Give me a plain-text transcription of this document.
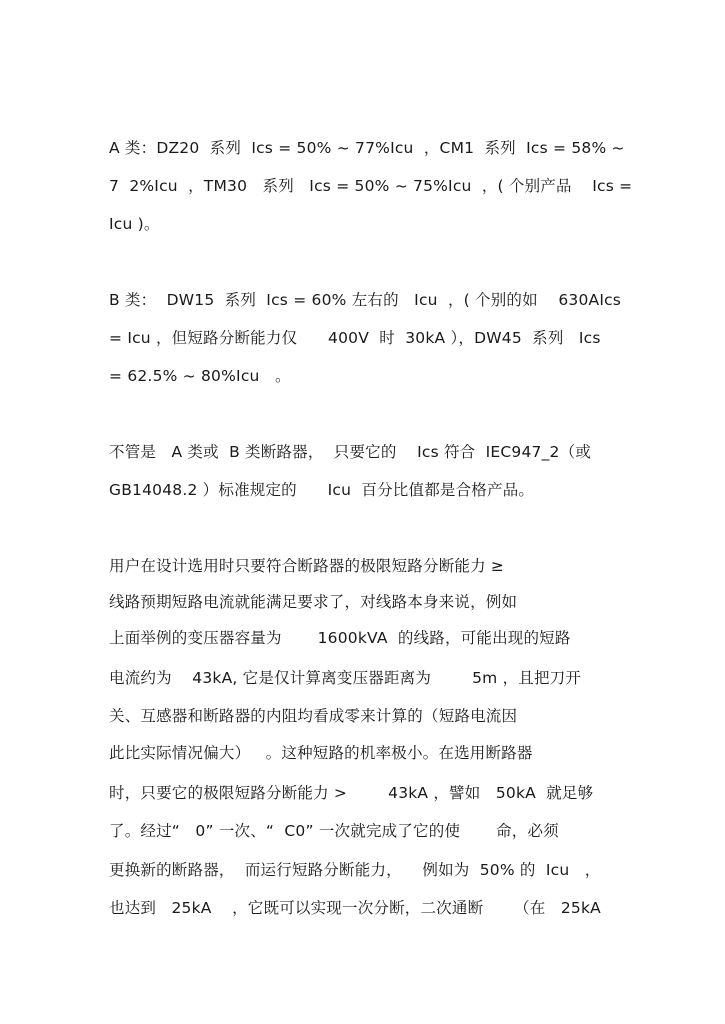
A 类：DZ20  系列  Ics = 50% ~ 77%Icu  ，CM1  系列  Ics = 58% ~
7  2%Icu  ，TM30   系列   Ics = 50% ~ 75%Icu  ，( 个别产品    Ics =
Icu )。
B 类：  DW15  系列  Ics = 60% 左右的   Icu  ，( 个别的如    630AIcs
= Icu ，但短路分断能力仅      400V  时  30kA ），DW45  系列   Ics
= 62.5% ~ 80%Icu   。
不管是   A 类或  B 类断路器，  只要它的    Ics 符合  IEC947_2（或
GB14048.2 ）标准规定的      Icu  百分比值都是合格产品。
用户在设计选用时只要符合断路器的极限短路分断能力 ≥
线路预期短路电流就能满足要求了，对线路本身来说，例如
上面举例的变压器容量为       1600kVA  的线路，可能出现的短路
电流约为    43kA, 它是仅计算离变压器距离为        5m ，且把刀开
关、互感器和断路器的内阻均看成零来计算的（短路电流因
此比实际情况偏大）   。这种短路的机率极小。在选用断路器
时，只要它的极限短路分断能力 >        43kA ，譬如   50kA  就足够
了。经过“   0” 一次、“  C0” 一次就完成了它的使       命，必须
更换新的断路器，  而运行短路分断能力，    例如为  50% 的  Icu   ，
也达到   25kA    ，它既可以实现一次分断，二次通断      （在   25kA
